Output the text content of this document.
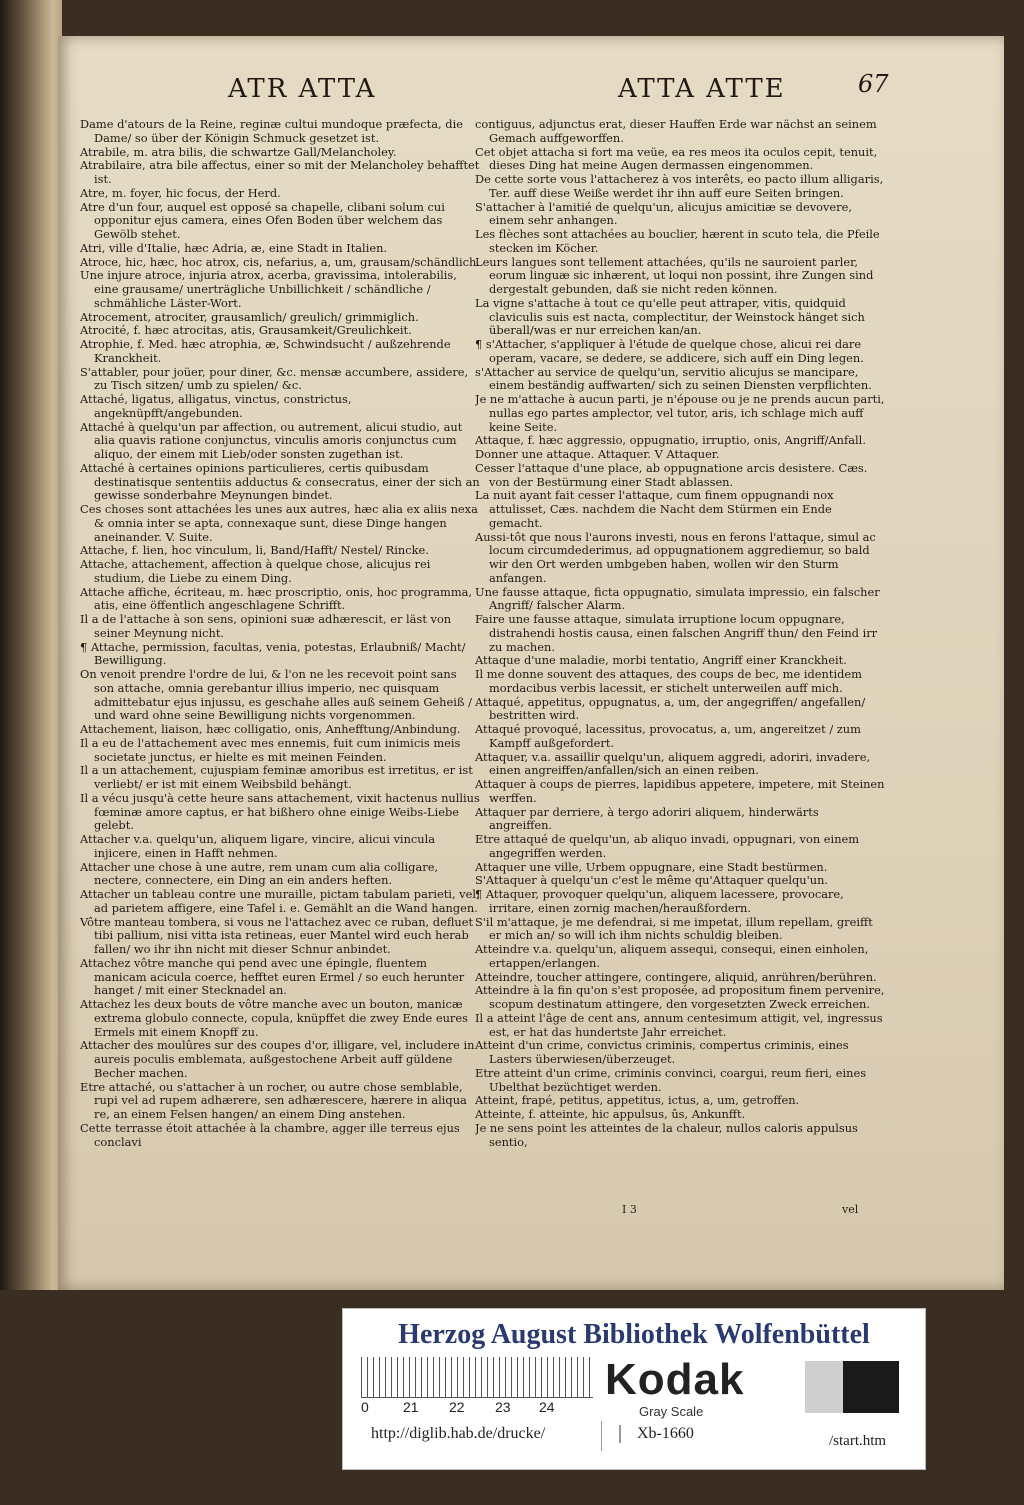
ATR ATTA	ATTA ATTE	67

Dame d'atours de la Reine, reginæ cultui mundoque præfecta, die Dame/ so über der Königin Schmuck gesetzet ist.

Atrabile, m. atra bilis, die schwartze Gall/Melancholey.

Atrabilaire, atra bile affectus, einer so mit der Melancholey behafftet ist.

Atre, m. foyer, hic focus, der Herd.

Atre d'un four, auquel est opposé sa chapelle, clibani solum cui opponitur ejus camera, eines Ofen Boden über welchem das Gewölb stehet.

Atri, ville d'Italie, hæc Adria, æ, eine Stadt in Italien.

Atroce, hic, hæc, hoc atrox, cis, nefarius, a, um, grausam/schändlich.

Une injure atroce, injuria atrox, acerba, gravissima, intolerabilis, eine grausame/ unerträgliche Unbillichkeit / schändliche / schmähliche Läster-Wort.

Atrocement, atrociter, grausamlich/ greulich/ grimmiglich.

Atrocité, f. hæc atrocitas, atis, Grausamkeit/Greulichkeit.

Atrophie, f. Med. hæc atrophia, æ, Schwindsucht / außzehrende Kranckheit.

S'attabler, pour joüer, pour diner, &c. mensæ accumbere, assidere, zu Tisch sitzen/ umb zu spielen/ &c.

Attaché, ligatus, alligatus, vinctus, constrictus, angeknüpfft/angebunden.

Attaché à quelqu'un par affection, ou autrement, alicui studio, aut alia quavis ratione conjunctus, vinculis amoris conjunctus cum aliquo, der einem mit Lieb/oder sonsten zugethan ist.

Attaché à certaines opinions particulieres, certis quibusdam destinatisque sententiis adductus & consecratus, einer der sich an gewisse sonderbahre Meynungen bindet.

Ces choses sont attachées les unes aux autres, hæc alia ex aliis nexa & omnia inter se apta, connexaque sunt, diese Dinge hangen aneinander. V. Suite.

Attache, f. lien, hoc vinculum, li, Band/Hafft/ Nestel/ Rincke.

Attache, attachement, affection à quelque chose, alicujus rei studium, die Liebe zu einem Ding.

Attache affiche, écriteau, m. hæc proscriptio, onis, hoc programma, atis, eine öffentlich angeschlagene Schrifft.

Il a de l'attache à son sens, opinioni suæ adhærescit, er läst von seiner Meynung nicht.

¶ Attache, permission, facultas, venia, potestas, Erlaubniß/ Macht/ Bewilligung.

On venoit prendre l'ordre de lui, & l'on ne les recevoit point sans son attache, omnia gerebantur illius imperio, nec quisquam admittebatur ejus injussu, es geschahe alles auß seinem Geheiß / und ward ohne seine Bewilligung nichts vorgenommen.

Attachement, liaison, hæc colligatio, onis, Anhefftung/Anbindung.

Il a eu de l'attachement avec mes ennemis, fuit cum inimicis meis societate junctus, er hielte es mit meinen Feinden.

Il a un attachement, cujuspiam feminæ amoribus est irretitus, er ist verliebt/ er ist mit einem Weibsbild behängt.

Il a vécu jusqu'à cette heure sans attachement, vixit hactenus nullius fœminæ amore captus, er hat bißhero ohne einige Weibs-Liebe gelebt.

Attacher v.a. quelqu'un, aliquem ligare, vincire, alicui vincula injicere, einen in Hafft nehmen.

Attacher une chose à une autre, rem unam cum alia colligare, nectere, connectere, ein Ding an ein anders heften.

Attacher un tableau contre une muraille, pictam tabulam parieti, vel, ad parietem affigere, eine Tafel i. e. Gemählt an die Wand hangen.

Vôtre manteau tombera, si vous ne l'attachez avec ce ruban, defluet tibi pallium, nisi vitta ista retineas, euer Mantel wird euch herab fallen/ wo ihr ihn nicht mit dieser Schnur anbindet.

Attachez vôtre manche qui pend avec une épingle, fluentem manicam acicula coerce, hefftet euren Ermel / so euch herunter hanget / mit einer Stecknadel an.

Attachez les deux bouts de vôtre manche avec un bouton, manicæ extrema globulo connecte, copula, knüpffet die zwey Ende eures Ermels mit einem Knopff zu.

Attacher des moulûres sur des coupes d'or, illigare, vel, includere in aureis poculis emblemata, außgestochene Arbeit auff güldene Becher machen.

Etre attaché, ou s'attacher à un rocher, ou autre chose semblable, rupi vel ad rupem adhærere, sen adhærescere, hærere in aliqua re, an einem Felsen hangen/ an einem Ding anstehen.

Cette terrasse étoit attachée à la chambre, agger ille terreus ejus conclavi

contiguus, adjunctus erat, dieser Hauffen Erde war nächst an seinem Gemach auffgeworffen.

Cet objet attacha si fort ma veüe, ea res meos ita oculos cepit, tenuit, dieses Ding hat meine Augen dermassen eingenommen.

De cette sorte vous l'attacherez à vos interêts, eo pacto illum alligaris, Ter. auff diese Weiße werdet ihr ihn auff eure Seiten bringen.

S'attacher à l'amitié de quelqu'un, alicujus amicitiæ se devovere, einem sehr anhangen.

Les flèches sont attachées au bouclier, hærent in scuto tela, die Pfeile stecken im Köcher.

Leurs langues sont tellement attachées, qu'ils ne sauroient parler, eorum linguæ sic inhærent, ut loqui non possint, ihre Zungen sind dergestalt gebunden, daß sie nicht reden können.

La vigne s'attache à tout ce qu'elle peut attraper, vitis, quidquid claviculis suis est nacta, complectitur, der Weinstock hänget sich überall/was er nur erreichen kan/an.

¶ s'Attacher, s'appliquer à l'étude de quelque chose, alicui rei dare operam, vacare, se dedere, se addicere, sich auff ein Ding legen.

s'Attacher au service de quelqu'un, servitio alicujus se mancipare, einem beständig auffwarten/ sich zu seinen Diensten verpflichten.

Je ne m'attache à aucun parti, je n'épouse ou je ne prends aucun parti, nullas ego partes amplector, vel tutor, aris, ich schlage mich auff keine Seite.

Attaque, f. hæc aggressio, oppugnatio, irruptio, onis, Angriff/Anfall.

Donner une attaque. Attaquer. V Attaquer.

Cesser l'attaque d'une place, ab oppugnatione arcis desistere. Cæs. von der Bestürmung einer Stadt ablassen.

La nuit ayant fait cesser l'attaque, cum finem oppugnandi nox attulisset, Cæs. nachdem die Nacht dem Stürmen ein Ende gemacht.

Aussi-tôt que nous l'aurons investi, nous en ferons l'attaque, simul ac locum circumdederimus, ad oppugnationem aggrediemur, so bald wir den Ort werden umbgeben haben, wollen wir den Sturm anfangen.

Une fausse attaque, ficta oppugnatio, simulata impressio, ein falscher Angriff/ falscher Alarm.

Faire une fausse attaque, simulata irruptione locum oppugnare, distrahendi hostis causa, einen falschen Angriff thun/ den Feind irr zu machen.

Attaque d'une maladie, morbi tentatio, Angriff einer Kranckheit.

Il me donne souvent des attaques, des coups de bec, me identidem mordacibus verbis lacessit, er stichelt unterweilen auff mich.

Attaqué, appetitus, oppugnatus, a, um, der angegriffen/ angefallen/ bestritten wird.

Attaqué provoqué, lacessitus, provocatus, a, um, angereitzet / zum Kampff außgefordert.

Attaquer, v.a. assaillir quelqu'un, aliquem aggredi, adoriri, invadere, einen angreiffen/anfallen/sich an einen reiben.

Attaquer à coups de pierres, lapidibus appetere, impetere, mit Steinen werffen.

Attaquer par derriere, à tergo adoriri aliquem, hinderwärts angreiffen.

Etre attaqué de quelqu'un, ab aliquo invadi, oppugnari, von einem angegriffen werden.

Attaquer une ville, Urbem oppugnare, eine Stadt bestürmen.

S'Attaquer à quelqu'un c'est le même qu'Attaquer quelqu'un.

¶ Attaquer, provoquer quelqu'un, aliquem lacessere, provocare, irritare, einen zornig machen/heraußfordern.

S'il m'attaque, je me defendrai, si me impetat, illum repellam, greifft er mich an/ so will ich ihm nichts schuldig bleiben.

Atteindre v.a. quelqu'un, aliquem assequi, consequi, einen einholen, ertappen/erlangen.

Atteindre, toucher attingere, contingere, aliquid, anrühren/berühren.

Atteindre à la fin qu'on s'est proposée, ad propositum finem pervenire, scopum destinatum attingere, den vorgesetzten Zweck erreichen.

Il a atteint l'âge de cent ans, annum centesimum attigit, vel, ingressus est, er hat das hundertste Jahr erreichet.

Atteint d'un crime, convictus criminis, compertus criminis, eines Lasters überwiesen/überzeuget.

Etre atteint d'un crime, criminis convinci, coargui, reum fieri, eines Ubelthat bezüchtiget werden.

Atteint, frapé, petitus, appetitus, ictus, a, um, getroffen.

Atteinte, f. atteinte, hic appulsus, ûs, Ankunfft.

Je ne sens point les atteintes de la chaleur, nullos caloris appulsus sentio,

I 3	vel
Herzog August Bibliothek Wolfenbüttel
0 21 22 23 24
Kodak
Gray Scale
http://diglib.hab.de/drucke/	Xb-1660	/start.htm
